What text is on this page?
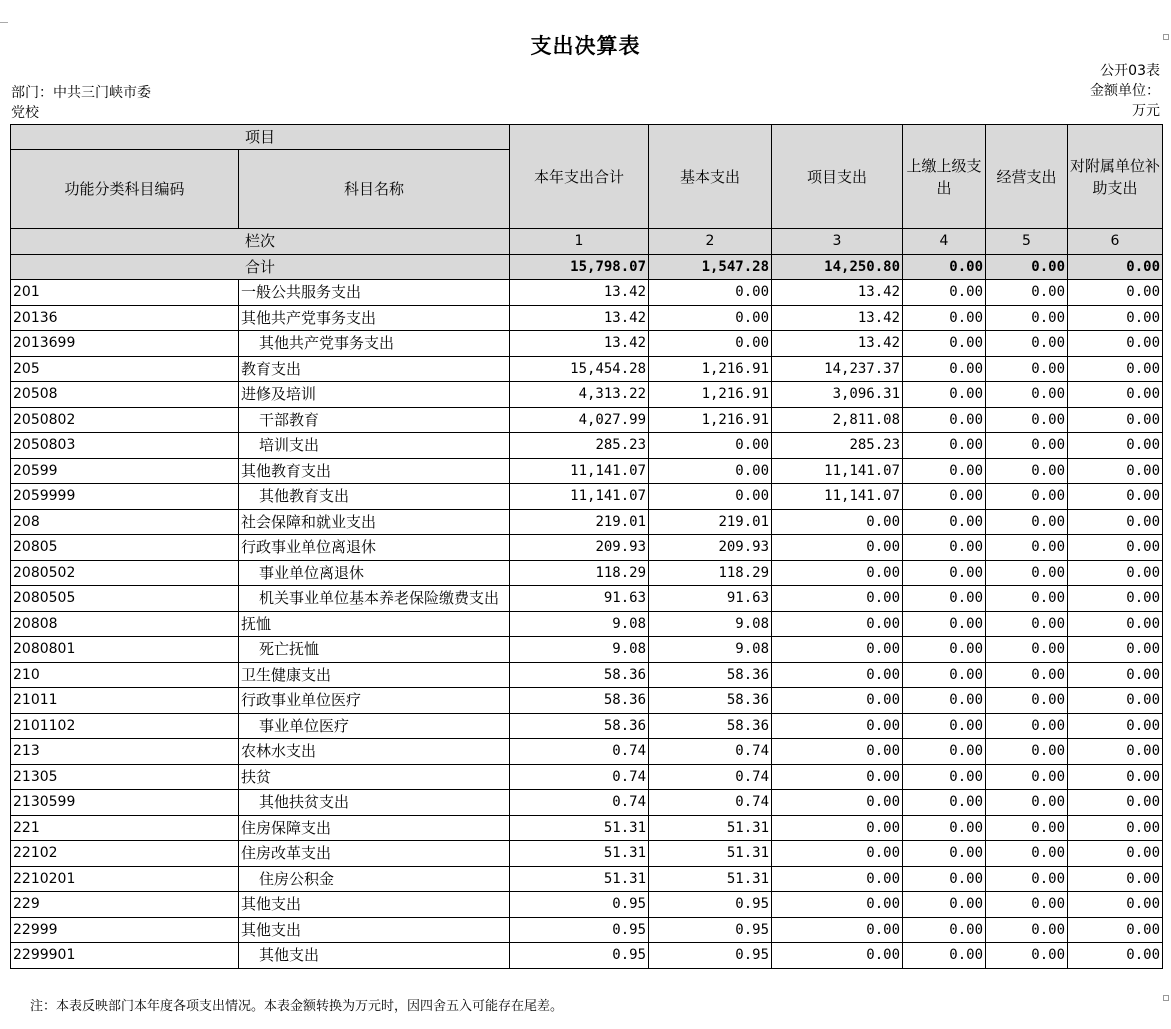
支出决算表
部门：中共三门峡市委
党校
公开03表
金额单位：
万元
项目		本年支出合计	基本支出	项目支出	上缴上级支出	经营支出	对附属单位补助支出
功能分类科目编码	科目名称						
栏次		1	2	3	4	5	6
合计		15,798.07	1,547.28	14,250.80	0.00	0.00	0.00
201	一般公共服务支出	13.42	0.00	13.42	0.00	0.00	0.00
20136	其他共产党事务支出	13.42	0.00	13.42	0.00	0.00	0.00
2013699	其他共产党事务支出	13.42	0.00	13.42	0.00	0.00	0.00
205	教育支出	15,454.28	1,216.91	14,237.37	0.00	0.00	0.00
20508	进修及培训	4,313.22	1,216.91	3,096.31	0.00	0.00	0.00
2050802	干部教育	4,027.99	1,216.91	2,811.08	0.00	0.00	0.00
2050803	培训支出	285.23	0.00	285.23	0.00	0.00	0.00
20599	其他教育支出	11,141.07	0.00	11,141.07	0.00	0.00	0.00
2059999	其他教育支出	11,141.07	0.00	11,141.07	0.00	0.00	0.00
208	社会保障和就业支出	219.01	219.01	0.00	0.00	0.00	0.00
20805	行政事业单位离退休	209.93	209.93	0.00	0.00	0.00	0.00
2080502	事业单位离退休	118.29	118.29	0.00	0.00	0.00	0.00
2080505	机关事业单位基本养老保险缴费支出	91.63	91.63	0.00	0.00	0.00	0.00
20808	抚恤	9.08	9.08	0.00	0.00	0.00	0.00
2080801	死亡抚恤	9.08	9.08	0.00	0.00	0.00	0.00
210	卫生健康支出	58.36	58.36	0.00	0.00	0.00	0.00
21011	行政事业单位医疗	58.36	58.36	0.00	0.00	0.00	0.00
2101102	事业单位医疗	58.36	58.36	0.00	0.00	0.00	0.00
213	农林水支出	0.74	0.74	0.00	0.00	0.00	0.00
21305	扶贫	0.74	0.74	0.00	0.00	0.00	0.00
2130599	其他扶贫支出	0.74	0.74	0.00	0.00	0.00	0.00
221	住房保障支出	51.31	51.31	0.00	0.00	0.00	0.00
22102	住房改革支出	51.31	51.31	0.00	0.00	0.00	0.00
2210201	住房公积金	51.31	51.31	0.00	0.00	0.00	0.00
229	其他支出	0.95	0.95	0.00	0.00	0.00	0.00
22999	其他支出	0.95	0.95	0.00	0.00	0.00	0.00
2299901	其他支出	0.95	0.95	0.00	0.00	0.00	0.00
注：本表反映部门本年度各项支出情况。本表金额转换为万元时，因四舍五入可能存在尾差。
